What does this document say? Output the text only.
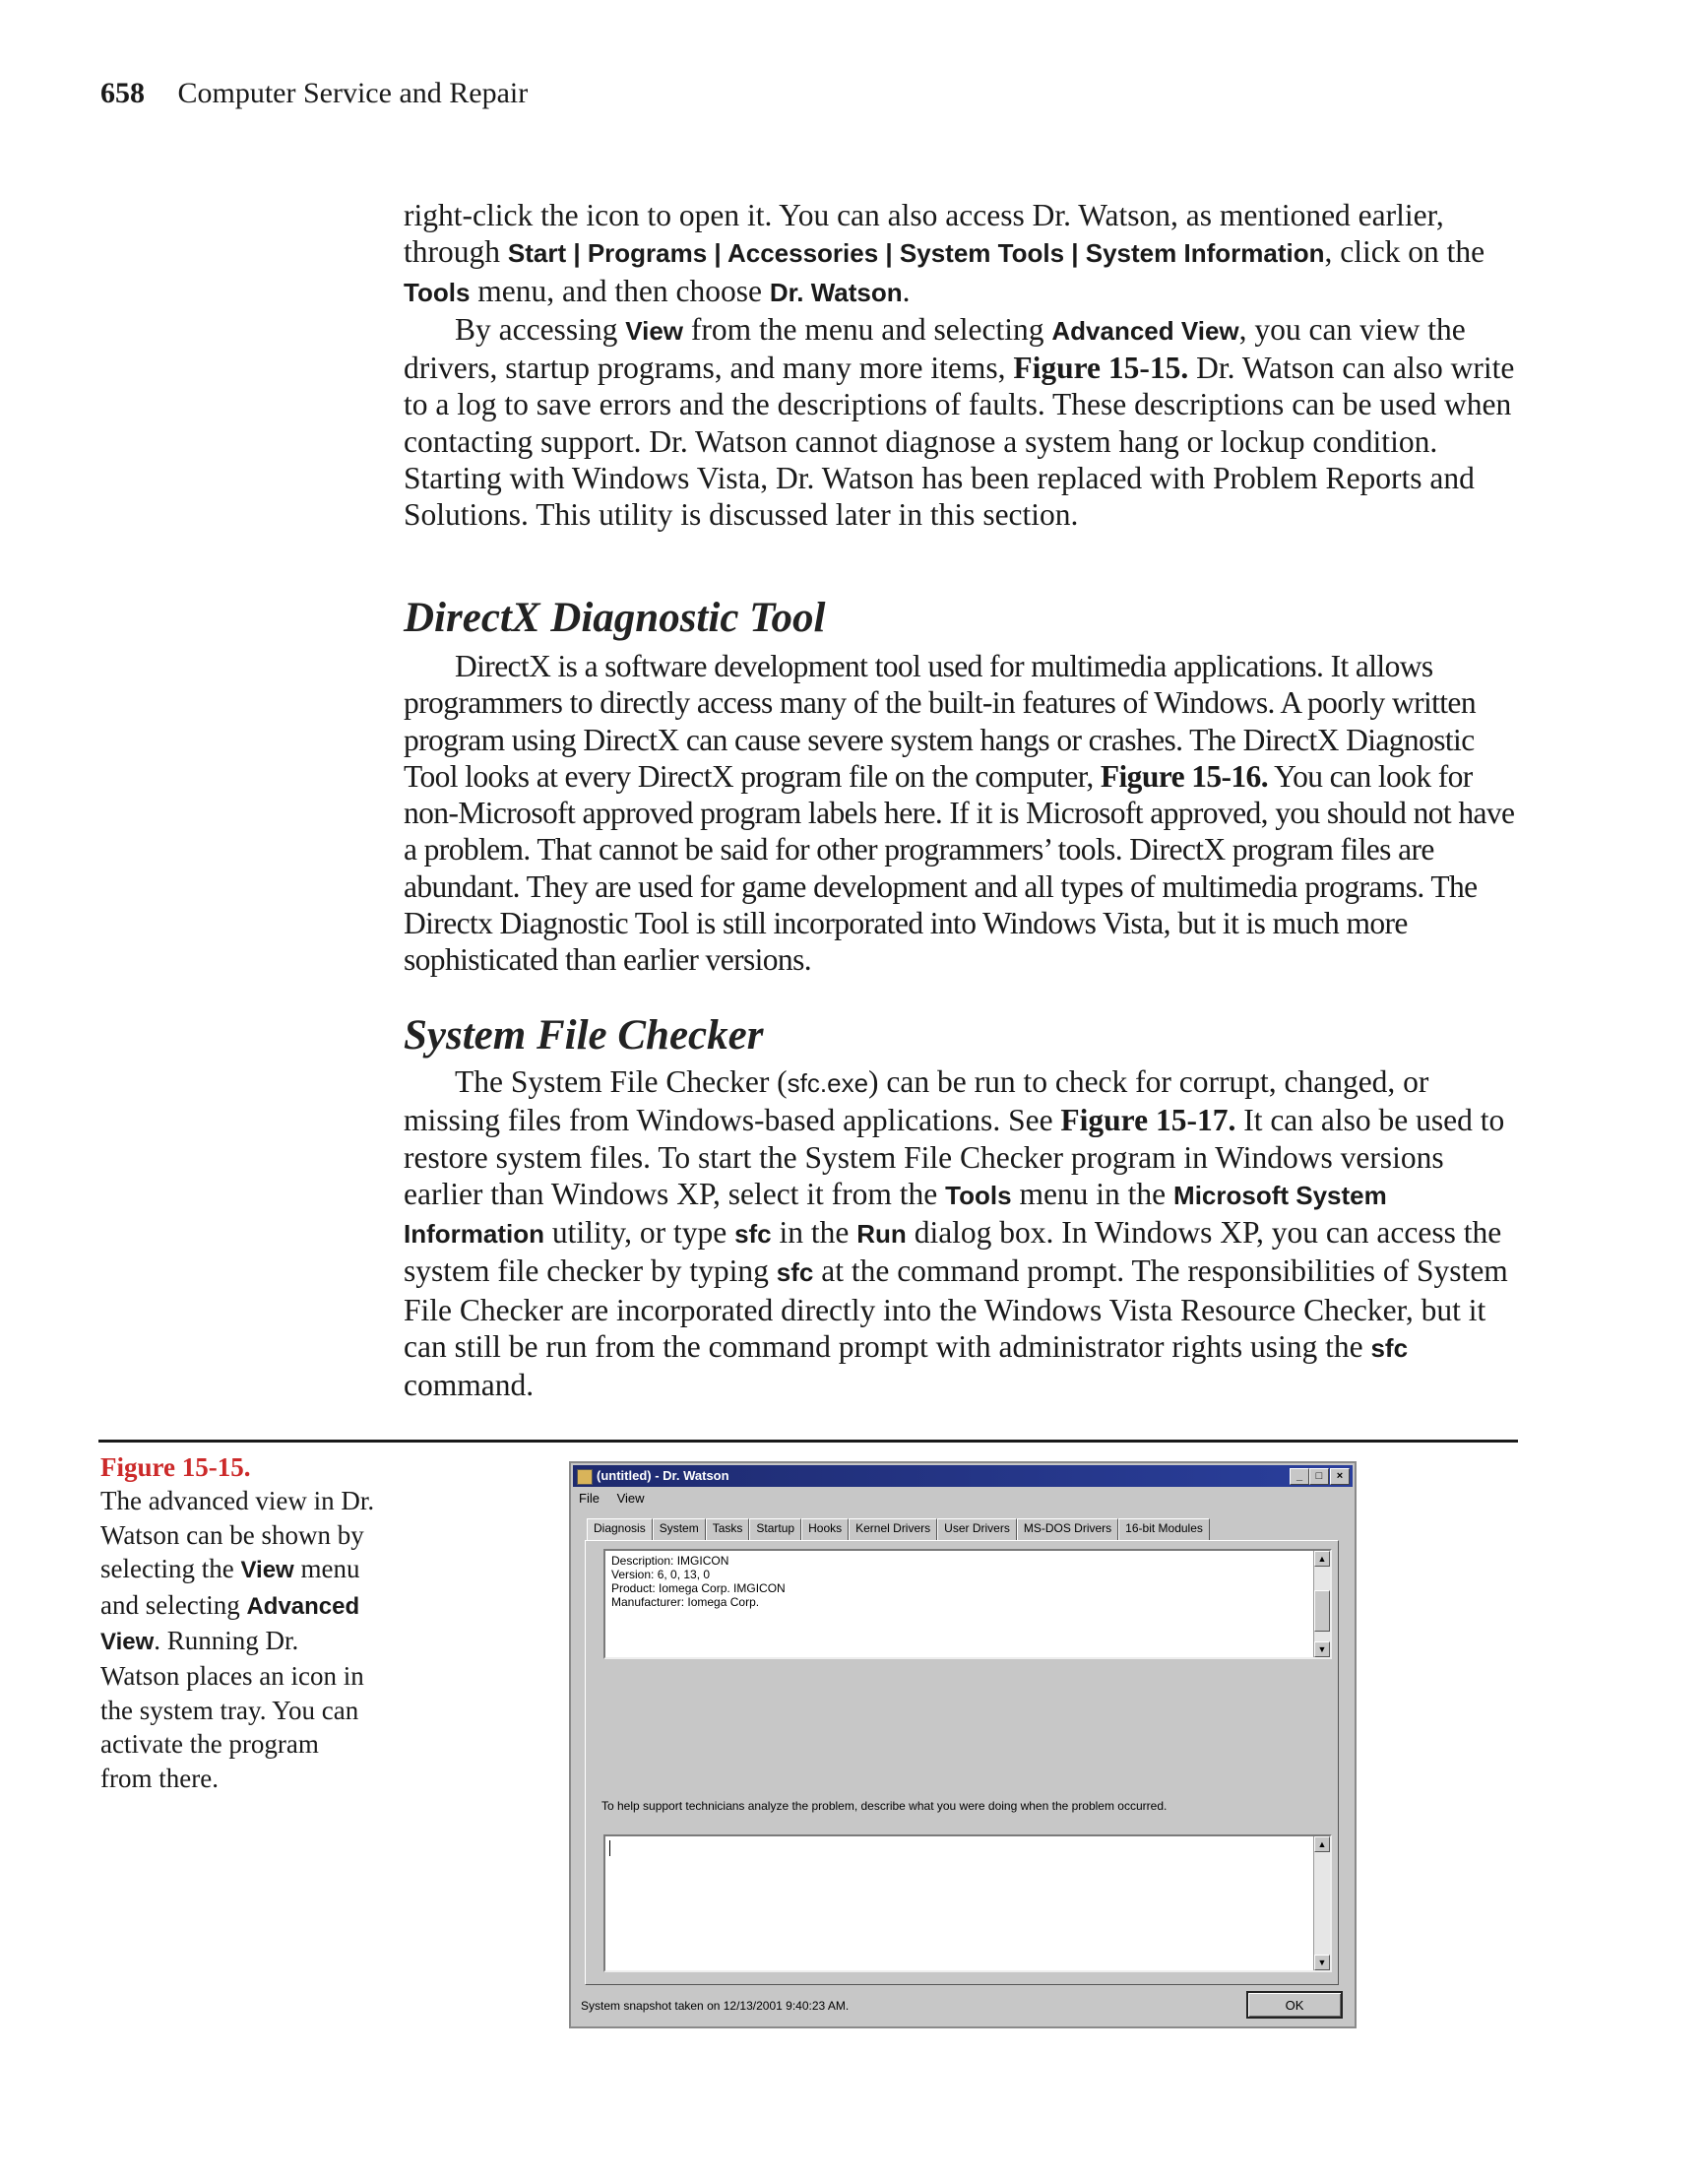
658 Computer Service and Repair

right-click the icon to open it. You can also access Dr. Watson, as mentioned earlier, through Start | Programs | Accessories | System Tools | System Information, click on the Tools menu, and then choose Dr. Watson.

By accessing View from the menu and selecting Advanced View, you can view the drivers, startup programs, and many more items, Figure 15-15. Dr. Watson can also write to a log to save errors and the descriptions of faults. These descriptions can be used when contacting support. Dr. Watson cannot diagnose a system hang or lockup condition. Starting with Windows Vista, Dr. Watson has been replaced with Problem Reports and Solutions. This utility is discussed later in this section.

DirectX Diagnostic Tool

DirectX is a software development tool used for multimedia applications. It allows programmers to directly access many of the built-in features of Windows. A poorly written program using DirectX can cause severe system hangs or crashes. The DirectX Diagnostic Tool looks at every DirectX program file on the computer, Figure 15-16. You can look for non-Microsoft approved program labels here. If it is Microsoft approved, you should not have a problem. That cannot be said for other programmers’ tools. DirectX program files are abundant. They are used for game development and all types of multimedia programs. The Directx Diagnostic Tool is still incorporated into Windows Vista, but it is much more sophisticated than earlier versions.

System File Checker

The System File Checker (sfc.exe) can be run to check for corrupt, changed, or missing files from Windows-based applications. See Figure 15-17. It can also be used to restore system files. To start the System File Checker program in Windows versions earlier than Windows XP, select it from the Tools menu in the Microsoft System Information utility, or type sfc in the Run dialog box. In Windows XP, you can access the system file checker by typing sfc at the command prompt. The responsibilities of System File Checker are incorporated directly into the Windows Vista Resource Checker, but it can still be run from the command prompt with administrator rights using the sfc command.

Figure 15-15.
The advanced view in Dr. Watson can be shown by selecting the View menu and selecting Advanced View. Running Dr. Watson places an icon in the system tray. You can activate the program from there.
(untitled) - Dr. Watson	_	□	×
File View
Diagnosis	System	Tasks	Startup	Hooks	Kernel Drivers	User Drivers	MS-DOS Drivers	16-bit Modules
Description: IMGICON
Version: 6, 0, 13, 0
Product: Iomega Corp. IMGICON
Manufacturer: Iomega Corp.
▲
▼
To help support technicians analyze the problem, describe what you were doing when the problem occurred.
▲
▼
System snapshot taken on 12/13/2001 9:40:23 AM.	OK
